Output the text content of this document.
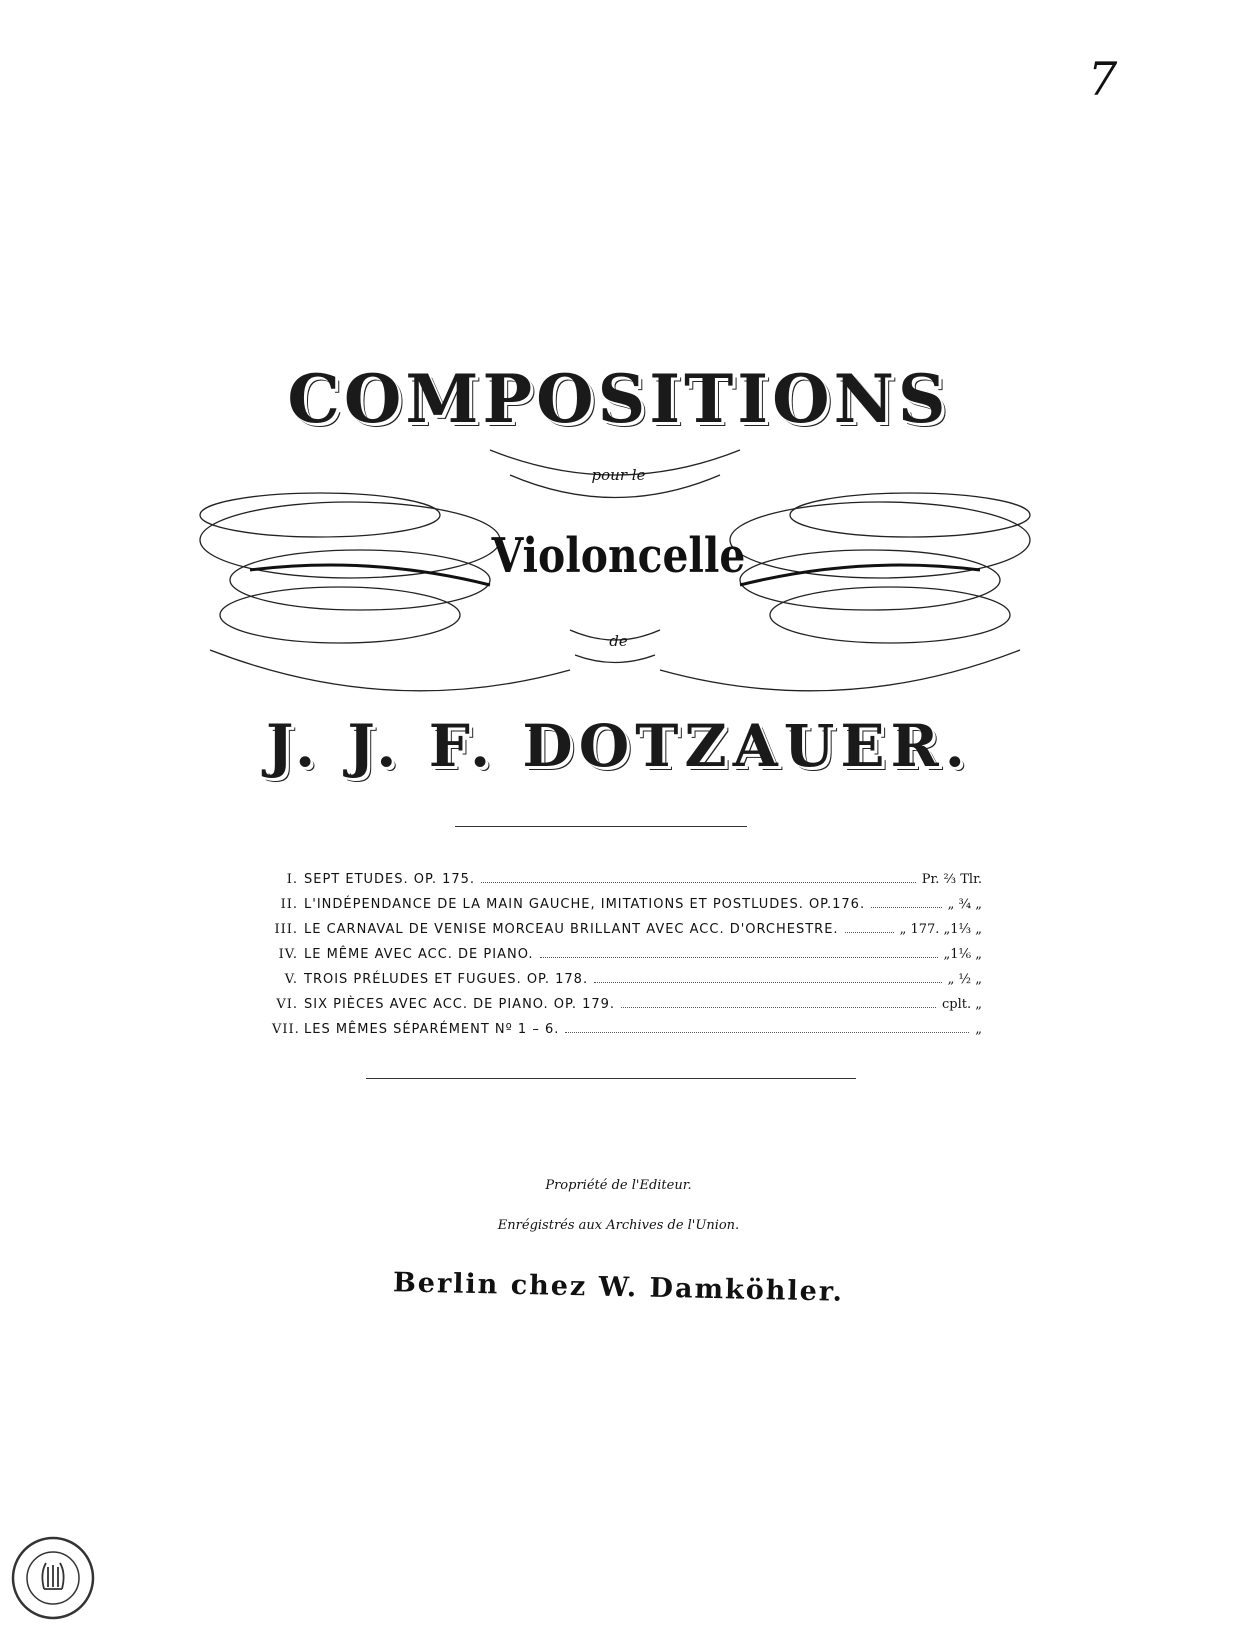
7
COMPOSITIONS
pour le
Violoncelle
de
J. J. F. DOTZAUER.
I. SEPT ETUDES. OP. 175.	Pr. ⅔ Tlr.
II. L'INDÉPENDANCE DE LA MAIN GAUCHE, IMITATIONS ET POSTLUDES. OP.176.	„ ¾ „
III. LE CARNAVAL DE VENISE MORCEAU BRILLANT AVEC ACC. D'ORCHESTRE.	„ 177. „1⅓ „
IV. LE MÊME AVEC ACC. DE PIANO.	„1⅙ „
V. TROIS PRÉLUDES ET FUGUES. OP. 178.	„ ½ „
VI. SIX PIÈCES AVEC ACC. DE PIANO. OP. 179.	cplt. „
VII. LES MÊMES SÉPARÉMENT Nº 1 – 6.	„
Propriété de l'Editeur.
Enrégistrés aux Archives de l'Union.
Berlin chez W. Damköhler.
